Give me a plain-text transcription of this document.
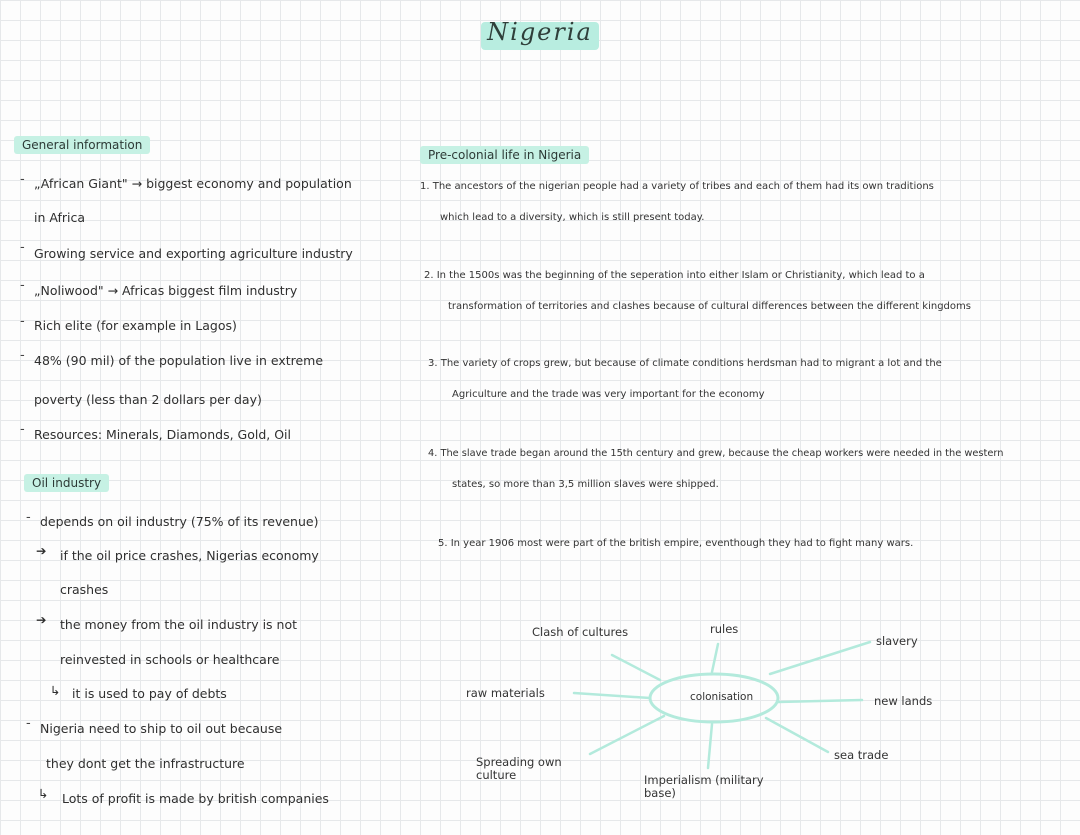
Nigeria
General information
- „African Giant" → biggest economy and population
in Africa
- Growing service and exporting agriculture industry
- „Noliwood" → Africas biggest film industry
- Rich elite (for example in Lagos)
- 48% (90 mil) of the population live in extreme
poverty (less than 2 dollars per day)
- Resources: Minerals, Diamonds, Gold, Oil
Oil industry
- depends on oil industry (75% of its revenue)
➔ if the oil price crashes, Nigerias economy
crashes
➔ the money from the oil industry is not
reinvested in schools or healthcare
↳ it is used to pay of debts
- Nigeria need to ship to oil out because
they dont get the infrastructure
↳ Lots of profit is made by british companies
Pre-colonial life in Nigeria
1. The ancestors of the nigerian people had a variety of tribes and each of them had its own traditions
which lead to a diversity, which is still present today.
2. In the 1500s was the beginning of the seperation into either Islam or Christianity, which lead to a
transformation of territories and clashes because of cultural differences between the different kingdoms
3. The variety of crops grew, but because of climate conditions herdsman had to migrant a lot and the
Agriculture and the trade was very important for the economy
4. The slave trade began around the 15th century and grew, because the cheap workers were needed in the western
states, so more than 3,5 million slaves were shipped.
5. In year 1906 most were part of the british empire, eventhough they had to fight many wars.
colonisation
Clash of cultures	rules
slavery
raw materials
new lands
Spreading own culture	Imperialism (military base)
sea trade
